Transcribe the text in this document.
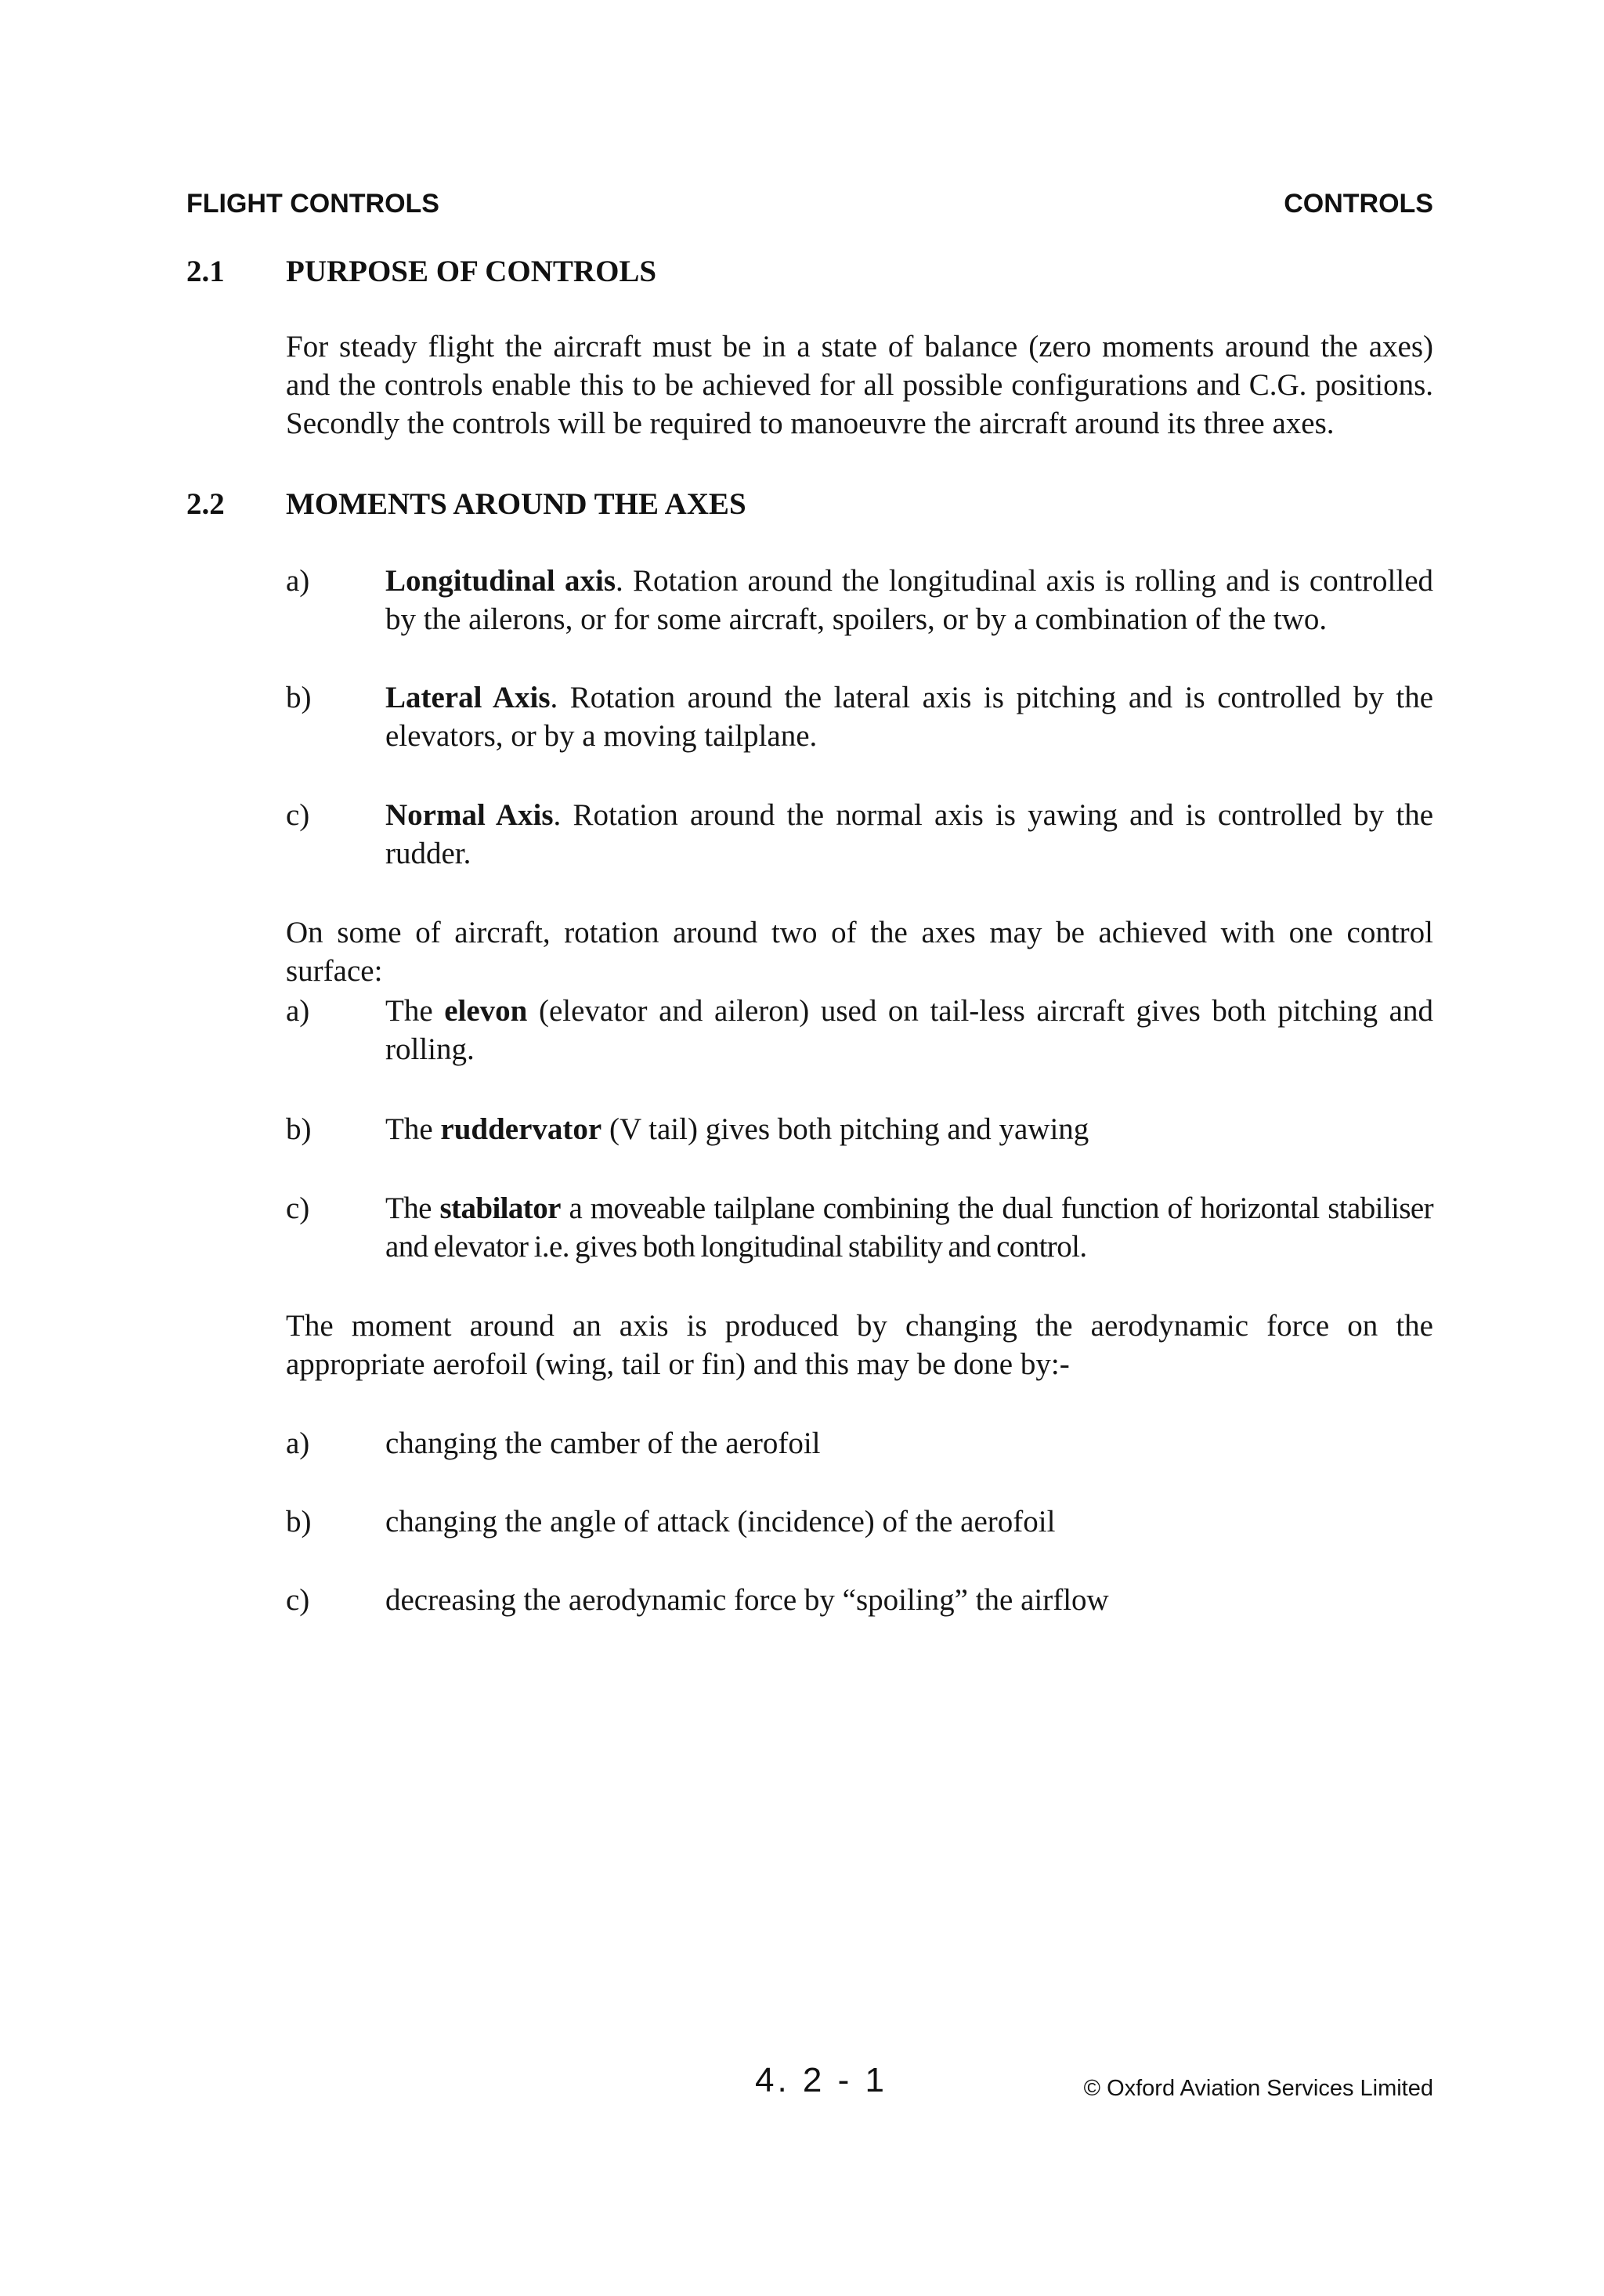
FLIGHT CONTROLS	CONTROLS
2.1 PURPOSE OF CONTROLS
For steady flight the aircraft must be in a state of balance (zero moments around the axes) and the controls enable this to be achieved for all possible configurations and C.G. positions. Secondly the controls will be required to manoeuvre the aircraft around its three axes.
2.2 MOMENTS AROUND THE AXES
a) Longitudinal axis. Rotation around the longitudinal axis is rolling and is controlled by the ailerons, or for some aircraft, spoilers, or by a combination of the two.
b) Lateral Axis. Rotation around the lateral axis is pitching and is controlled by the elevators, or by a moving tailplane.
c) Normal Axis. Rotation around the normal axis is yawing and is controlled by the rudder.
On some of aircraft, rotation around two of the axes may be achieved with one control surface:
a) The elevon (elevator and aileron) used on tail-less aircraft gives both pitching and rolling.
b) The ruddervator (V tail) gives both pitching and yawing
c) The stabilator a moveable tailplane combining the dual function of horizontal stabiliser and elevator i.e. gives both longitudinal stability and control.
The moment around an axis is produced by changing the aerodynamic force on the appropriate aerofoil (wing, tail or fin) and this may be done by:-
a) changing the camber of the aerofoil
b) changing the angle of attack (incidence) of the aerofoil
c) decreasing the aerodynamic force by “spoiling” the airflow
4. 2 - 1	© Oxford Aviation Services Limited
